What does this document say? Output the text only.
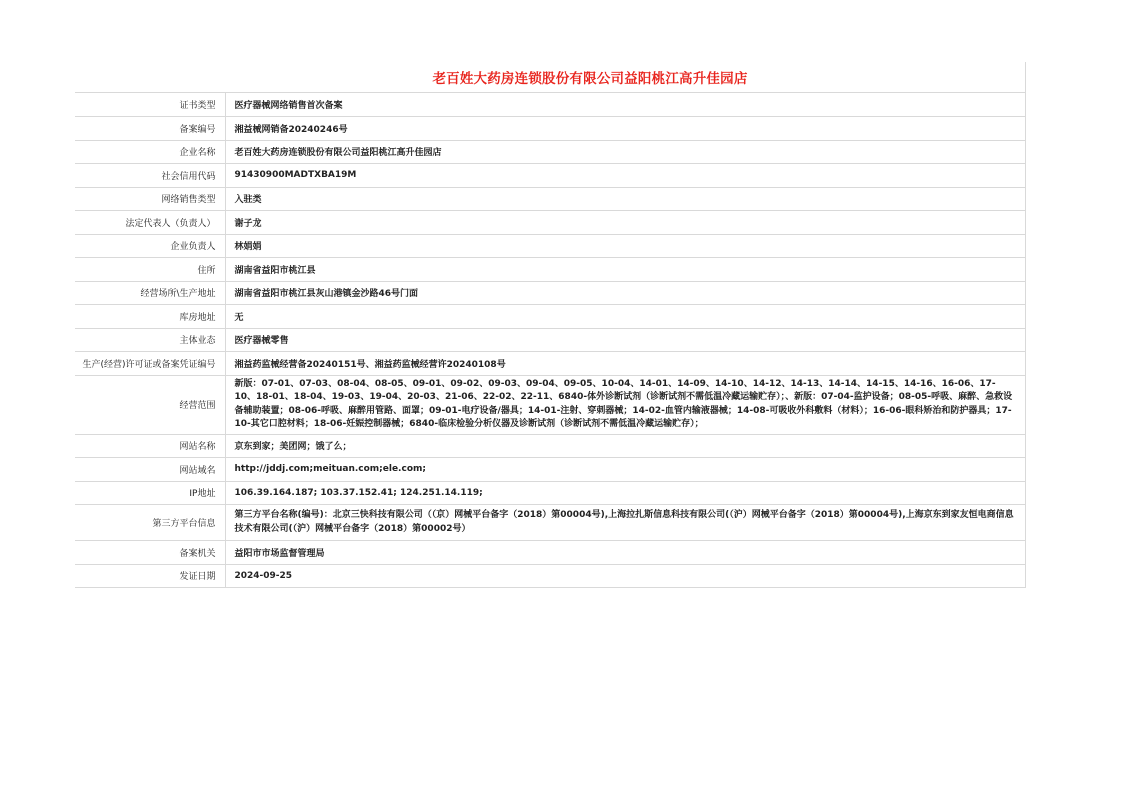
老百姓大药房连锁股份有限公司益阳桃江高升佳园店
证书类型	医疗器械网络销售首次备案
备案编号	湘益械网销备20240246号
企业名称	老百姓大药房连锁股份有限公司益阳桃江高升佳园店
社会信用代码	91430900MADTXBA19M
网络销售类型	入驻类
法定代表人（负责人）	谢子龙
企业负责人	林娟娟
住所	湖南省益阳市桃江县
经营场所\生产地址	湖南省益阳市桃江县灰山港镇金沙路46号门面
库房地址	无
主体业态	医疗器械零售
生产(经营)许可证或备案凭证编号	湘益药监械经营备20240151号、湘益药监械经营许20240108号
经营范围	新版：07-01、07-03、08-04、08-05、09-01、09-02、09-03、09-04、09-05、10-04、14-01、14-09、14-10、14-12、14-13、14-14、14-15、14-16、16-06、17-10、18-01、18-04、19-03、19-04、20-03、21-06、22-02、22-11、6840-体外诊断试剂（诊断试剂不需低温冷藏运输贮存）；、新版：07-04-监护设备；08-05-呼吸、麻醉、急救设备辅助装置；08-06-呼吸、麻醉用管路、面罩；09-01-电疗设备/器具；14-01-注射、穿刺器械；14-02-血管内输液器械；14-08-可吸收外科敷料（材料）；16-06-眼科矫治和防护器具；17-10-其它口腔材料；18-06-妊娠控制器械；6840-临床检验分析仪器及诊断试剂（诊断试剂不需低温冷藏运输贮存）；
网站名称	京东到家；美团网；饿了么；
网站域名	http://jddj.com;meituan.com;ele.com;
IP地址	106.39.164.187; 103.37.152.41; 124.251.14.119;
第三方平台信息	第三方平台名称(编号)：北京三快科技有限公司（（京）网械平台备字（2018）第00004号),上海拉扎斯信息科技有限公司(（沪）网械平台备字（2018）第00004号),上海京东到家友恒电商信息技术有限公司(（沪）网械平台备字（2018）第00002号）
备案机关	益阳市市场监督管理局
发证日期	2024-09-25
